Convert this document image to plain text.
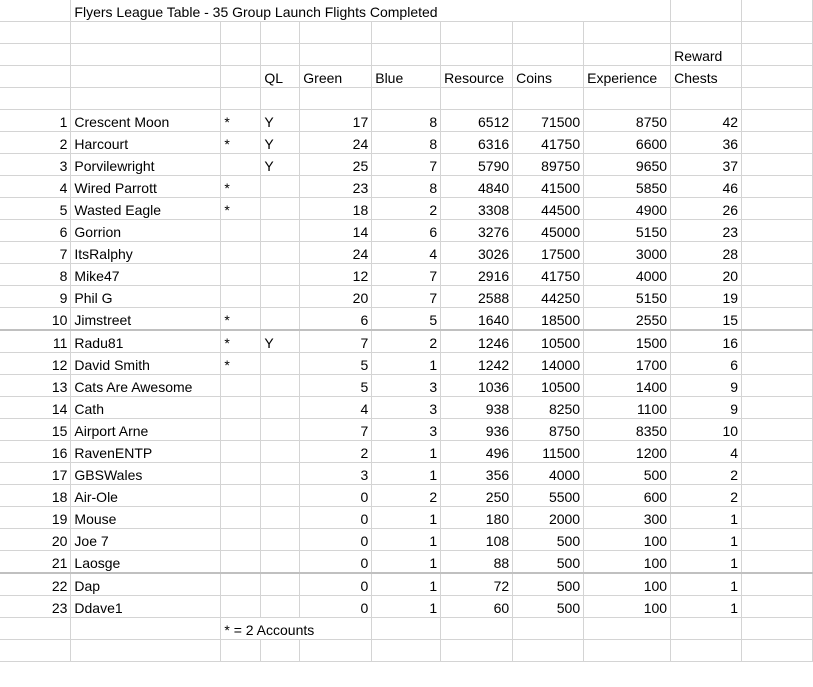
	Flyers League Table - 35 Group Launch Flights Completed									

									Reward	
			QL	Green	Blue	Resource	Coins	Experience	Chests	

1	Crescent Moon	*	Y	17	8	6512	71500	8750	42	
2	Harcourt	*	Y	24	8	6316	41750	6600	36	
3	Porvilewright		Y	25	7	5790	89750	9650	37	
4	Wired Parrott	*		23	8	4840	41500	5850	46	
5	Wasted Eagle	*		18	2	3308	44500	4900	26	
6	Gorrion			14	6	3276	45000	5150	23	
7	ItsRalphy			24	4	3026	17500	3000	28	
8	Mike47			12	7	2916	41750	4000	20	
9	Phil G			20	7	2588	44250	5150	19	
10	Jimstreet	*		6	5	1640	18500	2550	15	
11	Radu81	*	Y	7	2	1246	10500	1500	16	
12	David Smith	*		5	1	1242	14000	1700	6	
13	Cats Are Awesome			5	3	1036	10500	1400	9	
14	Cath			4	3	938	8250	1100	9	
15	Airport Arne			7	3	936	8750	8350	10	
16	RavenENTP			2	1	496	11500	1200	4	
17	GBSWales			3	1	356	4000	500	2	
18	Air-Ole			0	2	250	5500	600	2	
19	Mouse			0	1	180	2000	300	1	
20	Joe 7			0	1	108	500	100	1	
21	Laosge			0	1	88	500	100	1	
22	Dap			0	1	72	500	100	1	
23	Ddave1			0	1	60	500	100	1	
		* = 2 Accounts								
